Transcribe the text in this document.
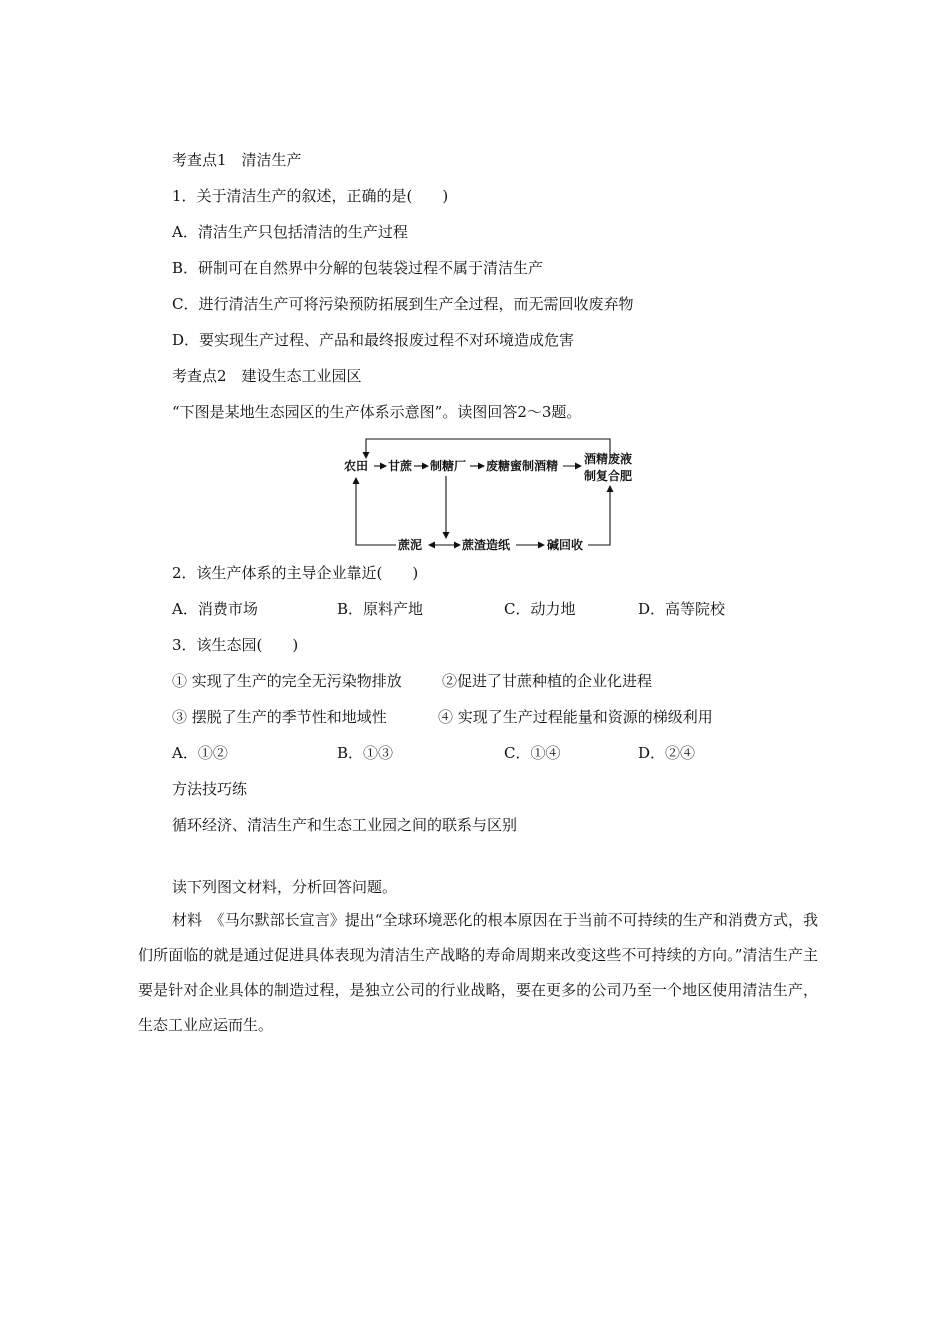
考查点1　清洁生产
1．关于清洁生产的叙述，正确的是(　　)
A．清洁生产只包括清洁的生产过程
B．研制可在自然界中分解的包装袋过程不属于清洁生产
C．进行清洁生产可将污染预防拓展到生产全过程，而无需回收废弃物
D．要实现生产过程、产品和最终报废过程不对环境造成危害
考查点2　建设生态工业园区
“下图是某地生态园区的生产体系示意图”。读图回答2～3题。
农田 甘蔗 制糖厂 废糖蜜制酒精 酒精废液
制复合肥
蔗泥	蔗渣造纸	碱回收
2．该生产体系的主导企业靠近(　　)
A．消费市场	B．原料产地	C．动力地	D．高等院校
3．该生态园(　　)
① 实现了生产的完全无污染物排放	②促进了甘蔗种植的企业化进程
③ 摆脱了生产的季节性和地域性	④ 实现了生产过程能量和资源的梯级利用
A．①②	B．①③	C．①④	D．②④
方法技巧练
循环经济、清洁生产和生态工业园之间的联系与区别
读下列图文材料，分析回答问题。
材料　《马尔默部长宣言》提出“全球环境恶化的根本原因在于当前不可持续的生产和消费方式，我们所面临的就是通过促进具体表现为清洁生产战略的寿命周期来改变这些不可持续的方向。”清洁生产主要是针对企业具体的制造过程，是独立公司的行业战略，要在更多的公司乃至一个地区使用清洁生产，生态工业应运而生。
